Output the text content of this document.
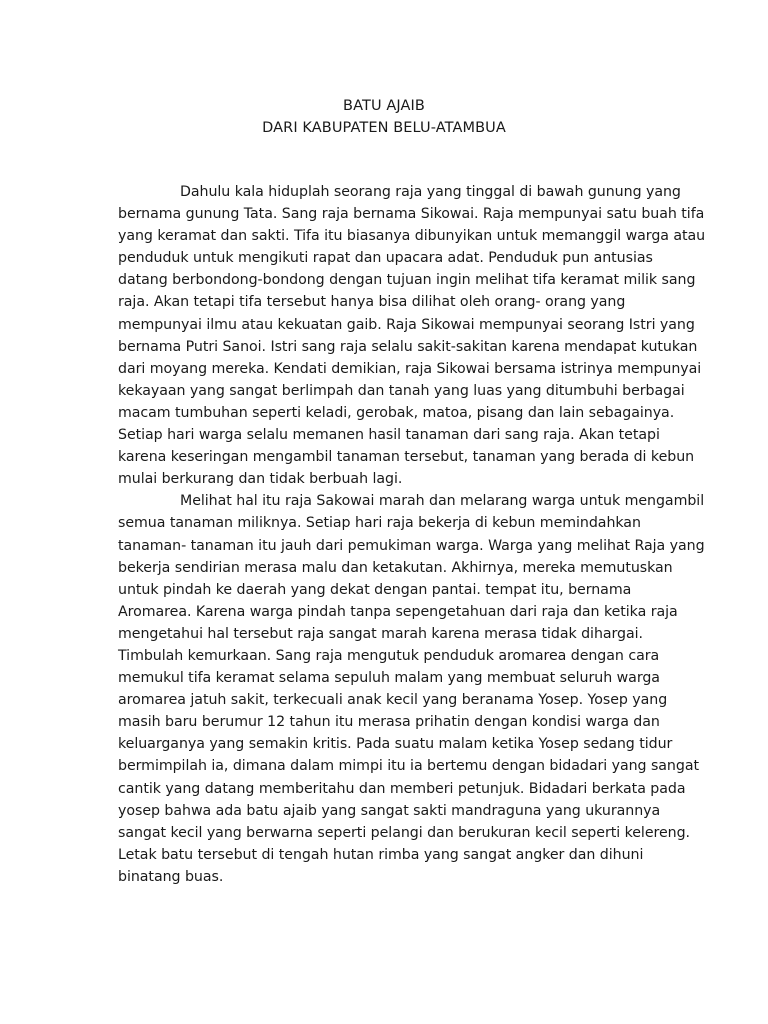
BATU AJAIB
DARI KABUPATEN BELU-ATAMBUA
Dahulu kala hiduplah seorang raja yang tinggal di bawah gunung yang
bernama gunung Tata. Sang raja bernama Sikowai. Raja mempunyai satu buah tifa
yang keramat dan sakti. Tifa itu biasanya dibunyikan untuk memanggil warga atau
penduduk untuk mengikuti rapat dan upacara adat. Penduduk pun antusias
datang berbondong-bondong dengan tujuan ingin melihat tifa keramat milik sang
raja. Akan tetapi tifa tersebut hanya bisa dilihat oleh orang- orang yang
mempunyai ilmu atau kekuatan gaib. Raja Sikowai mempunyai seorang Istri yang
bernama Putri Sanoi. Istri sang raja selalu sakit-sakitan karena mendapat kutukan
dari moyang mereka. Kendati demikian, raja Sikowai bersama istrinya mempunyai
kekayaan yang sangat berlimpah dan tanah yang luas yang ditumbuhi berbagai
macam tumbuhan seperti keladi, gerobak, matoa, pisang dan lain sebagainya.
Setiap hari warga selalu memanen hasil tanaman dari sang raja. Akan tetapi
karena keseringan mengambil tanaman tersebut, tanaman yang berada di kebun
mulai berkurang dan tidak berbuah lagi.
Melihat hal itu raja Sakowai marah dan melarang warga untuk mengambil
semua tanaman miliknya. Setiap hari raja bekerja di kebun memindahkan
tanaman- tanaman itu jauh dari pemukiman warga. Warga yang melihat Raja yang
bekerja sendirian merasa malu dan ketakutan. Akhirnya, mereka memutuskan
untuk pindah ke daerah yang dekat dengan pantai. tempat itu, bernama
Aromarea. Karena warga pindah tanpa sepengetahuan dari raja dan ketika raja
mengetahui hal tersebut raja sangat marah karena merasa tidak dihargai.
Timbulah kemurkaan. Sang raja mengutuk penduduk aromarea dengan cara
memukul tifa keramat selama sepuluh malam yang membuat seluruh warga
aromarea jatuh sakit, terkecuali anak kecil yang beranama Yosep. Yosep yang
masih baru berumur 12 tahun itu merasa prihatin dengan kondisi warga dan
keluarganya yang semakin kritis. Pada suatu malam ketika Yosep sedang tidur
bermimpilah ia, dimana dalam mimpi itu ia bertemu dengan bidadari yang sangat
cantik yang datang memberitahu dan memberi petunjuk. Bidadari berkata pada
yosep bahwa ada batu ajaib yang sangat sakti mandraguna yang ukurannya
sangat kecil yang berwarna seperti pelangi dan berukuran kecil seperti kelereng.
Letak batu tersebut di tengah hutan rimba yang sangat angker dan dihuni
binatang buas.
